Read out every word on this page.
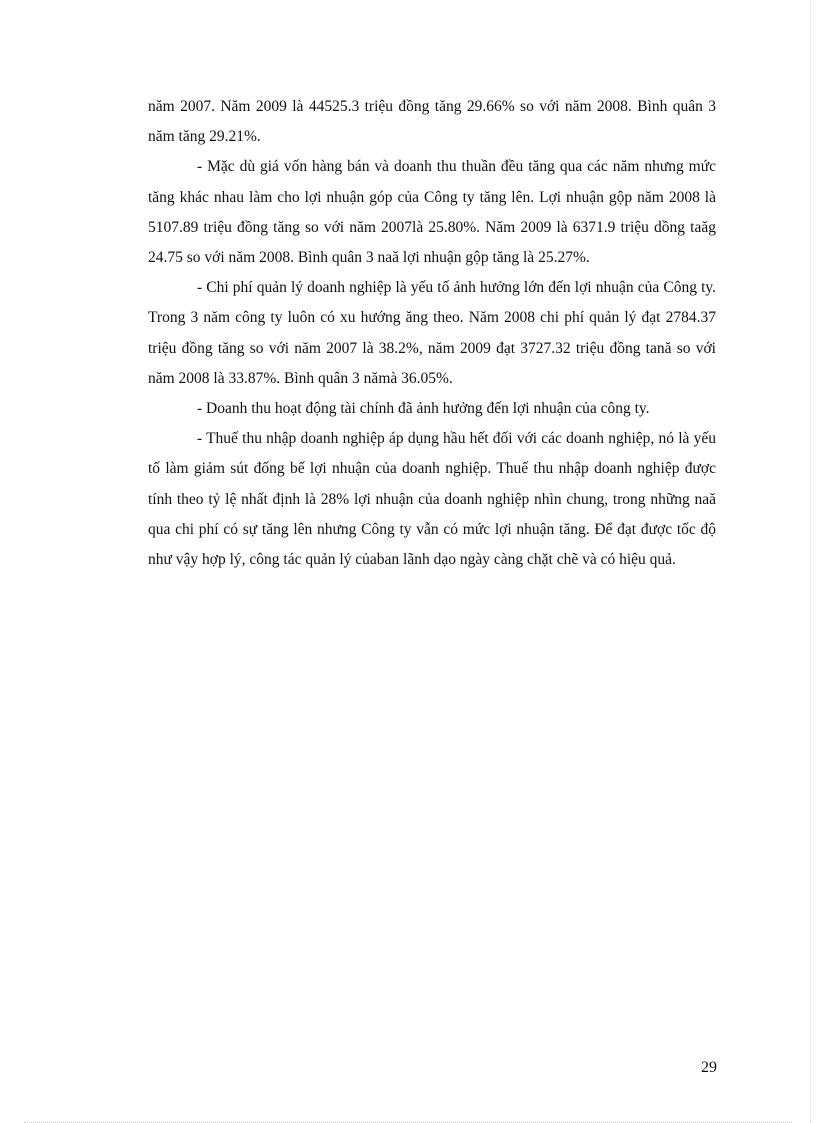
năm 2007. Năm 2009 là 44525.3 triệu đồng tăng 29.66% so với năm 2008. Bình quân 3 năm tăng 29.21%.

- Mặc dù giá vốn hàng bán và doanh thu thuần đều tăng qua các năm nhưng mức tăng khác nhau làm cho lợi nhuận góp của Công ty tăng lên. Lợi nhuận gộp năm 2008 là 5107.89 triệu đồng tăng so với năm 2007là 25.80%. Năm 2009 là 6371.9 triệu dồng taăg 24.75 so với năm 2008. Bình quân 3 naă lợi nhuận gộp tăng là 25.27%.

- Chi phí quản lý doanh nghiệp là yếu tố ảnh hưởng lớn đến lợi nhuận của Công ty. Trong 3 năm công ty luôn có xu hướng ăng theo. Năm 2008 chi phí quản lý đạt 2784.37 triệu đồng tăng so với năm 2007 là 38.2%, năm 2009 đạt 3727.32 triệu đồng tană so với năm 2008 là 33.87%. Bình quân 3 nămà 36.05%.

- Doanh thu hoạt động tài chính đã ảnh hưởng đến lợi nhuận của công ty.

- Thuế thu nhập doanh nghiệp áp dụng hầu hết đối với các doanh nghiệp, nó là yếu tố làm giảm sút đống bế lợi nhuận của doanh nghiệp. Thuế thu nhập doanh nghiệp được tính theo tỷ lệ nhất định là 28% lợi nhuận của doanh nghiệp nhìn chung, trong những naă qua chi phí có sự tăng lên nhưng Công ty vẫn có mức lợi nhuận tăng. Để đạt được tốc độ như vậy hợp lý, công tác quản lý củaban lãnh dạo ngày càng chặt chẽ và có hiệu quả.

29
